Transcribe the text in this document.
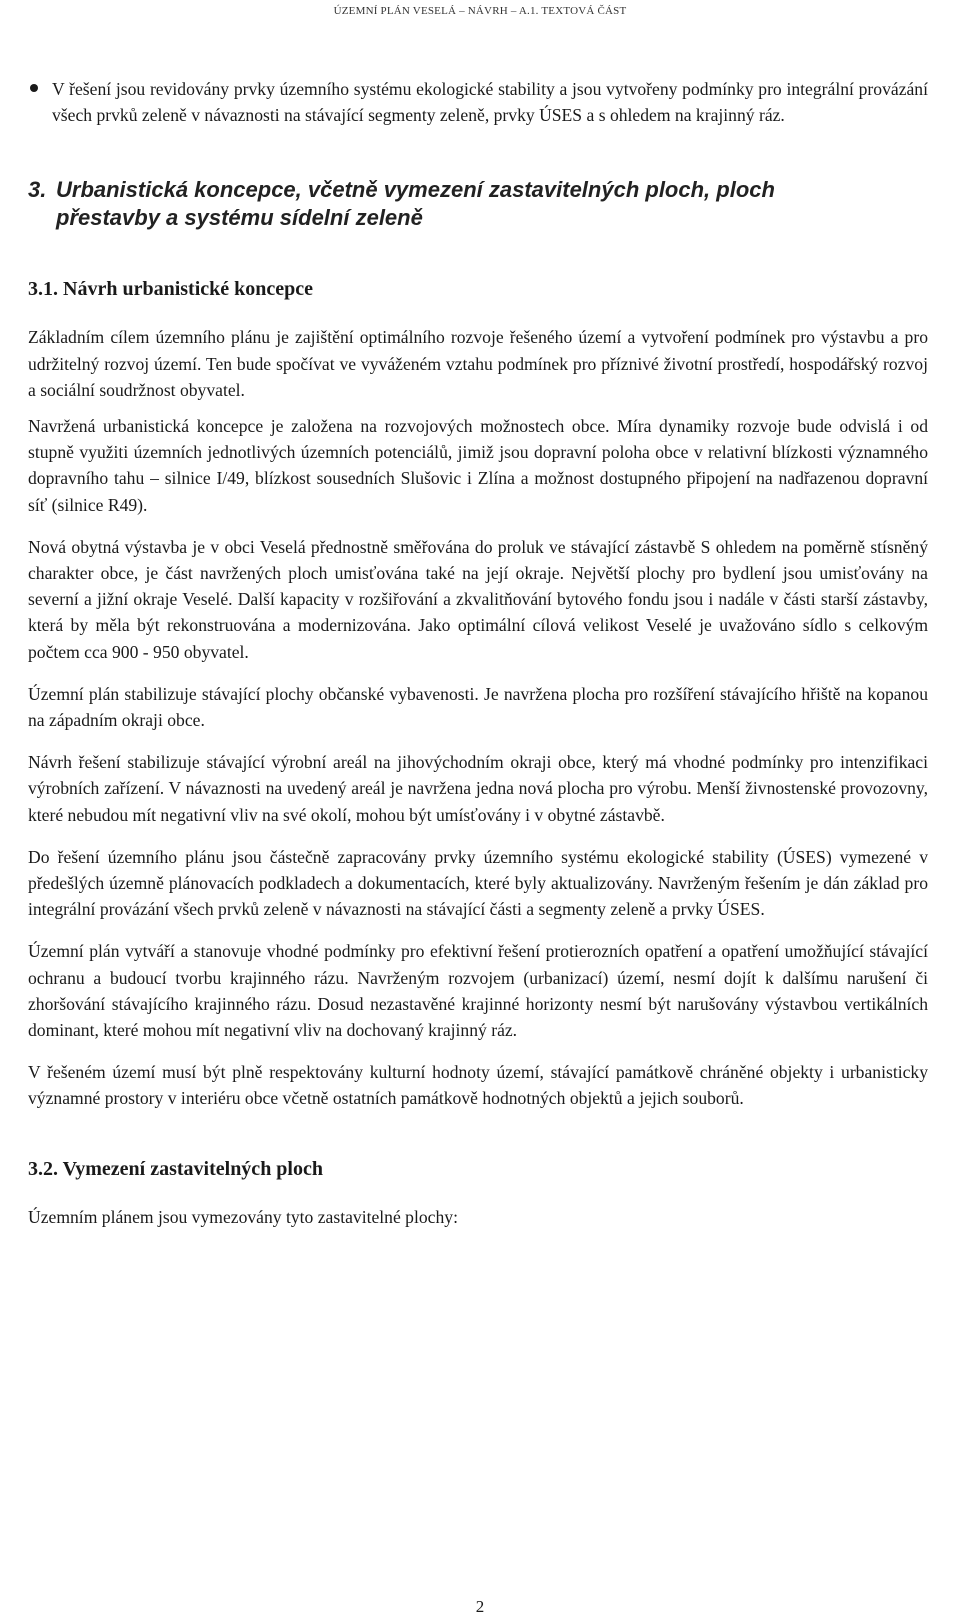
ÚZEMNÍ PLÁN VESELÁ – NÁVRH – A.1. TEXTOVÁ ČÁST

V řešení jsou revidovány prvky územního systému ekologické stability a jsou vytvořeny podmínky pro integrální provázání všech prvků zeleně v návaznosti na stávající segmenty zeleně, prvky ÚSES a s ohledem na krajinný ráz.

3. Urbanistická koncepce, včetně vymezení zastavitelných ploch, ploch
přestavby a systému sídelní zeleně
3.1. Návrh urbanistické koncepce

Základním cílem územního plánu je zajištění optimálního rozvoje řešeného území a vytvoření podmínek pro výstavbu a pro udržitelný rozvoj území. Ten bude spočívat ve vyváženém vztahu podmínek pro příznivé životní prostředí, hospodářský rozvoj a sociální soudržnost obyvatel.

Navržená urbanistická koncepce je založena na rozvojových možnostech obce. Míra dynamiky rozvoje bude odvislá i od stupně využiti územních jednotlivých územních potenciálů, jimiž jsou dopravní poloha obce v relativní blízkosti významného dopravního tahu – silnice I/49, blízkost sousedních Slušovic i Zlína a možnost dostupného připojení na nadřazenou dopravní síť (silnice R49).

Nová obytná výstavba je v obci Veselá přednostně směřována do proluk ve stávající zástavbě S ohledem na poměrně stísněný charakter obce, je část navržených ploch umisťována také na její okraje. Největší plochy pro bydlení jsou umisťovány na severní a jižní okraje Veselé. Další kapacity v rozšiřování a zkvalitňování bytového fondu jsou i nadále v části starší zástavby, která by měla být rekonstruována a modernizována. Jako optimální cílová velikost Veselé je uvažováno sídlo s celkovým počtem cca 900 - 950 obyvatel.

Územní plán stabilizuje stávající plochy občanské vybavenosti. Je navržena plocha pro rozšíření stávajícího hřiště na kopanou na západním okraji obce.

Návrh řešení stabilizuje stávající výrobní areál na jihovýchodním okraji obce, který má vhodné podmínky pro intenzifikaci výrobních zařízení. V návaznosti na uvedený areál je navržena jedna nová plocha pro výrobu. Menší živnostenské provozovny, které nebudou mít negativní vliv na své okolí, mohou být umísťovány i v obytné zástavbě.

Do řešení územního plánu jsou částečně zapracovány prvky územního systému ekologické stability (ÚSES) vymezené v předešlých územně plánovacích podkladech a dokumentacích, které byly aktualizovány. Navrženým řešením je dán základ pro integrální provázání všech prvků zeleně v návaznosti na stávající části a segmenty zeleně a prvky ÚSES.

Územní plán vytváří a stanovuje vhodné podmínky pro efektivní řešení protierozních opatření a opatření umožňující stávající ochranu a budoucí tvorbu krajinného rázu. Navrženým rozvojem (urbanizací) území, nesmí dojít k dalšímu narušení či zhoršování stávajícího krajinného rázu. Dosud nezastavěné krajinné horizonty nesmí být narušovány výstavbou vertikálních dominant, které mohou mít negativní vliv na dochovaný krajinný ráz.

V řešeném území musí být plně respektovány kulturní hodnoty území, stávající památkově chráněné objekty i urbanisticky významné prostory v interiéru obce včetně ostatních památkově hodnotných objektů a jejich souborů.

3.2. Vymezení zastavitelných ploch

Územním plánem jsou vymezovány tyto zastavitelné plochy:

2
